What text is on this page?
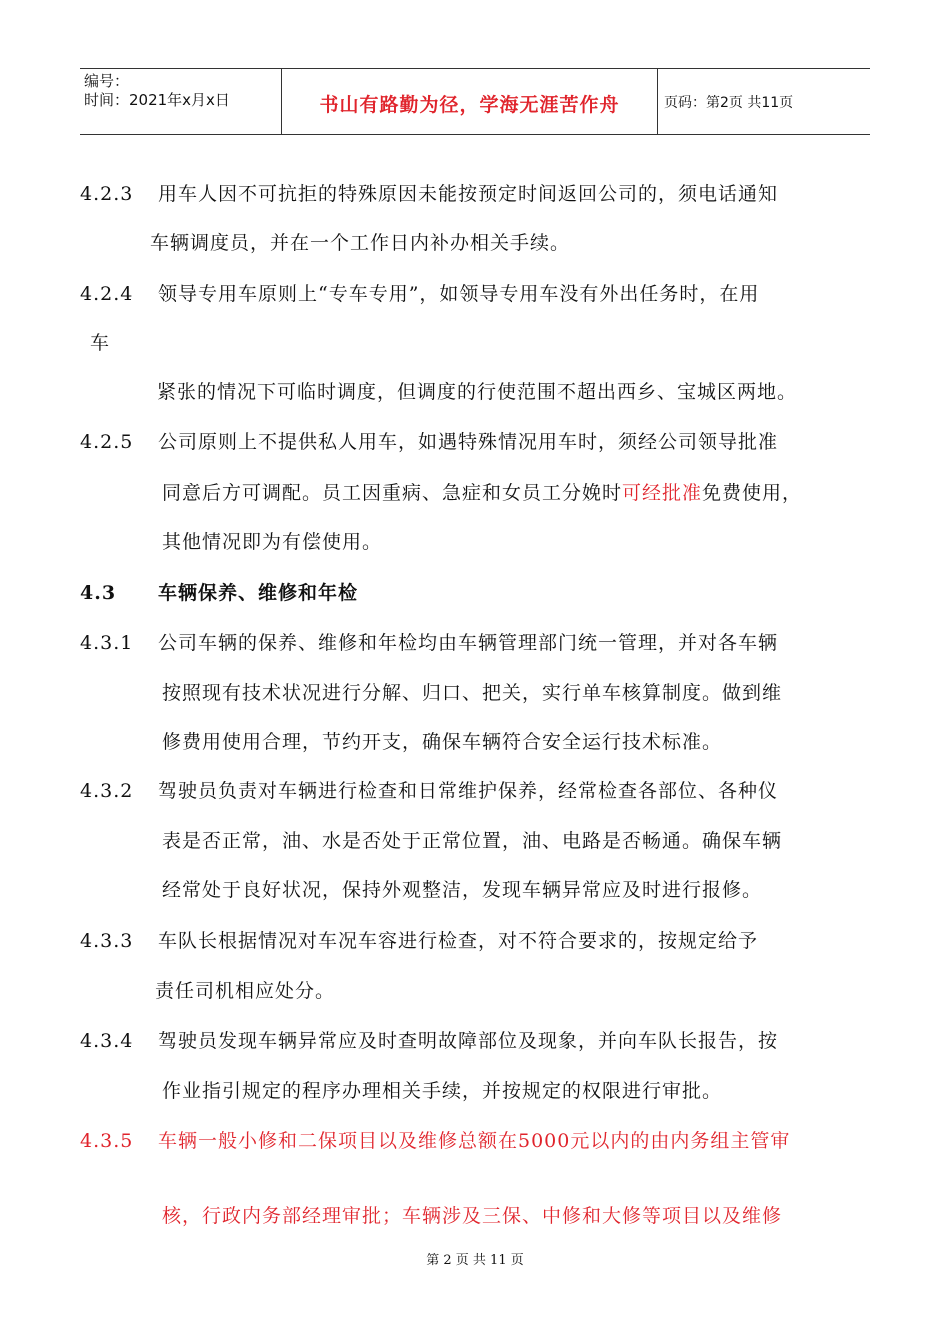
编号：
时间：2021年x月x日	书山有路勤为径，学海无涯苦作舟	页码：第2页 共11页
4.2.3 用车人因不可抗拒的特殊原因未能按预定时间返回公司的，须电话通知
车辆调度员，并在一个工作日内补办相关手续。
4.2.4 领导专用车原则上“专车专用”，如领导专用车没有外出任务时，在用
车
紧张的情况下可临时调度，但调度的行使范围不超出西乡、宝城区两地。
4.2.5 公司原则上不提供私人用车，如遇特殊情况用车时，须经公司领导批准
同意后方可调配。员工因重病、急症和女员工分娩时可经批准免费使用，
其他情况即为有偿使用。
4.3 车辆保养、维修和年检
4.3.1 公司车辆的保养、维修和年检均由车辆管理部门统一管理，并对各车辆
按照现有技术状况进行分解、归口、把关，实行单车核算制度。做到维
修费用使用合理，节约开支，确保车辆符合安全运行技术标准。
4.3.2 驾驶员负责对车辆进行检查和日常维护保养，经常检查各部位、各种仪
表是否正常，油、水是否处于正常位置，油、电路是否畅通。确保车辆
经常处于良好状况，保持外观整洁，发现车辆异常应及时进行报修。
4.3.3 车队长根据情况对车况车容进行检查，对不符合要求的，按规定给予
责任司机相应处分。
4.3.4 驾驶员发现车辆异常应及时查明故障部位及现象，并向车队长报告，按
作业指引规定的程序办理相关手续，并按规定的权限进行审批。
4.3.5 车辆一般小修和二保项目以及维修总额在5000元以内的由内务组主管审
核，行政内务部经理审批；车辆涉及三保、中修和大修等项目以及维修
第 2 页 共 11 页
